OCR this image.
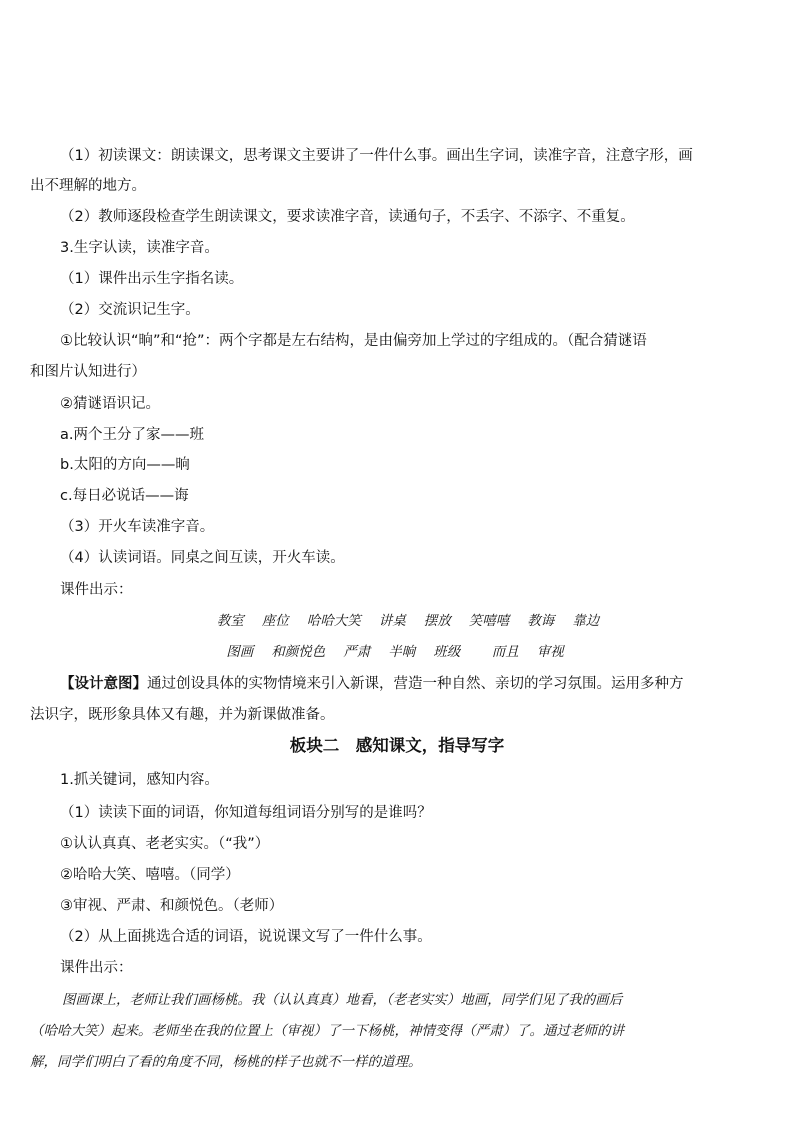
（1）初读课文：朗读课文，思考课文主要讲了一件什么事。画出生字词，读准字音，注意字形，画
出不理解的地方。
（2）教师逐段检查学生朗读课文，要求读准字音，读通句子，不丢字、不添字、不重复。
3.生字认读，读准字音。
（1）课件出示生字指名读。
（2）交流识记生字。
①比较认识“晌”和“抢”：两个字都是左右结构，是由偏旁加上学过的字组成的。（配合猜谜语
和图片认知进行）
②猜谜语识记。
a.两个王分了家——班
b.太阳的方向——晌
c.每日必说话——诲
（3）开火车读准字音。
（4）认读词语。同桌之间互读，开火车读。
课件出示：
教室 座位 哈哈大笑 讲桌 摆放 笑嘻嘻 教诲 靠边
图画 和颜悦色 严肃 半晌 班级　而且 审视
【设计意图】通过创设具体的实物情境来引入新课，营造一种自然、亲切的学习氛围。运用多种方
法识字，既形象具体又有趣，并为新课做准备。
板块二　感知课文，指导写字
1.抓关键词，感知内容。
（1）读读下面的词语，你知道每组词语分别写的是谁吗？
①认认真真、老老实实。（“我”）
②哈哈大笑、嘻嘻。（同学）
③审视、严肃、和颜悦色。（老师）
（2）从上面挑选合适的词语，说说课文写了一件什么事。
课件出示：
图画课上，老师让我们画杨桃。我（认认真真）地看，（老老实实）地画，同学们见了我的画后
（哈哈大笑）起来。老师坐在我的位置上（审视）了一下杨桃，神情变得（严肃）了。通过老师的讲
解，同学们明白了看的角度不同，杨桃的样子也就不一样的道理。
